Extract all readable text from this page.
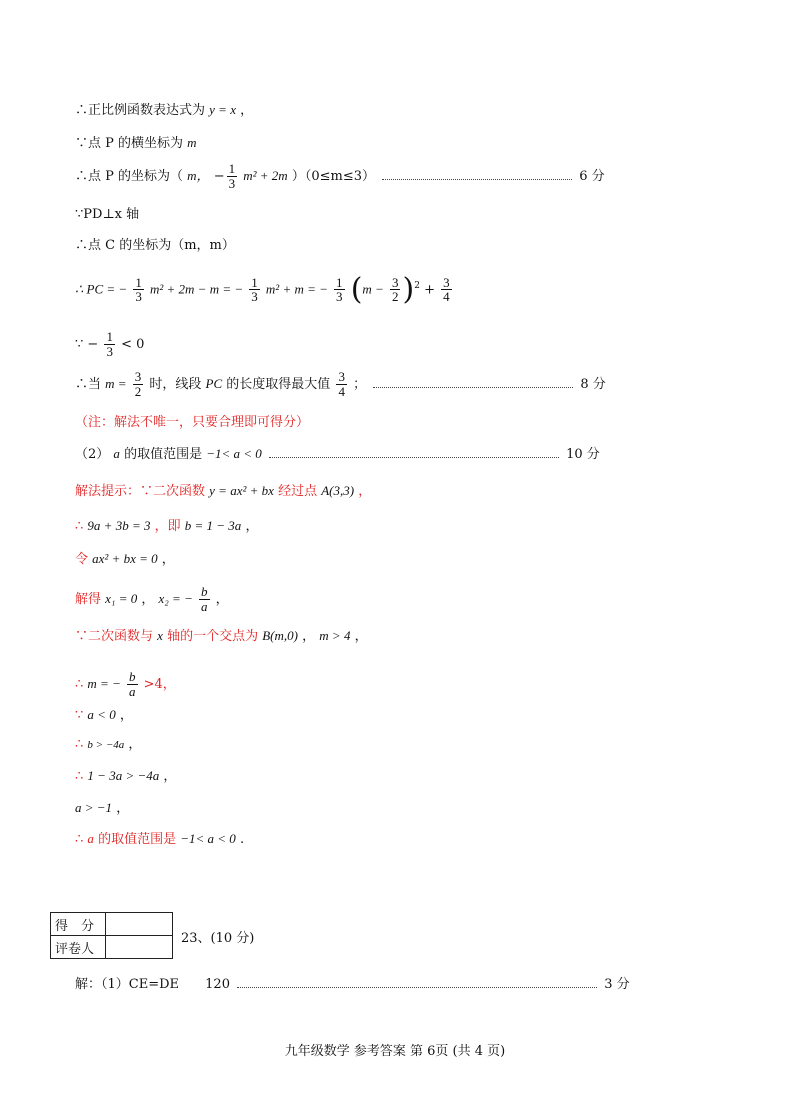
∴正比例函数表达式为 y = x ，
∵点 P 的横坐标为 m
∴点 P 的坐标为（ m， − $\frac{1}{3} m^2 + 2m$ ）（0≤m≤3）	6 分
∵PD⊥x 轴
∴点 C 的坐标为（m，m）
∴ PC = − $\frac{1}{3} m^2 + 2m - m$ = − $\frac{1}{3} m^2 + m$ = − $\frac{1}{3} (m - \frac{3}{2} )^2 + \frac{3}{4}$
∵ − $\frac{1}{3} < 0$
∴当 $m = \frac{3}{2}$ 时，线段 PC 的长度取得最大值 $\frac{3}{4}$ ；	8 分
（注：解法不唯一，只要合理即可得分）
（2） a 的取值范围是 −1< a < 0	10 分
解法提示：∵二次函数 y = ax² + bx 经过点 A(3,3) ，
∴ 9a + 3b = 3 ，即 b = 1 − 3a ，
令 ax² + bx = 0 ，
解得 x₁ = 0 ， x₂ = − $\frac{b}{a}$ ，
∵二次函数与 x 轴的一个交点为 B(m,0) ， m > 4 ，
∴ m = − $\frac{b}{a} >4$，
∵ a < 0 ，
∴ b > −4a ，
∴ 1 − 3a > −4a ，
a > −1 ，
∴ a 的取值范围是 −1< a < 0 .
得　分	
评卷人	
23、(10 分)
解：（1）CE=DE 120	3 分
九年级数学 参考答案 第 6页 (共 4 页)
